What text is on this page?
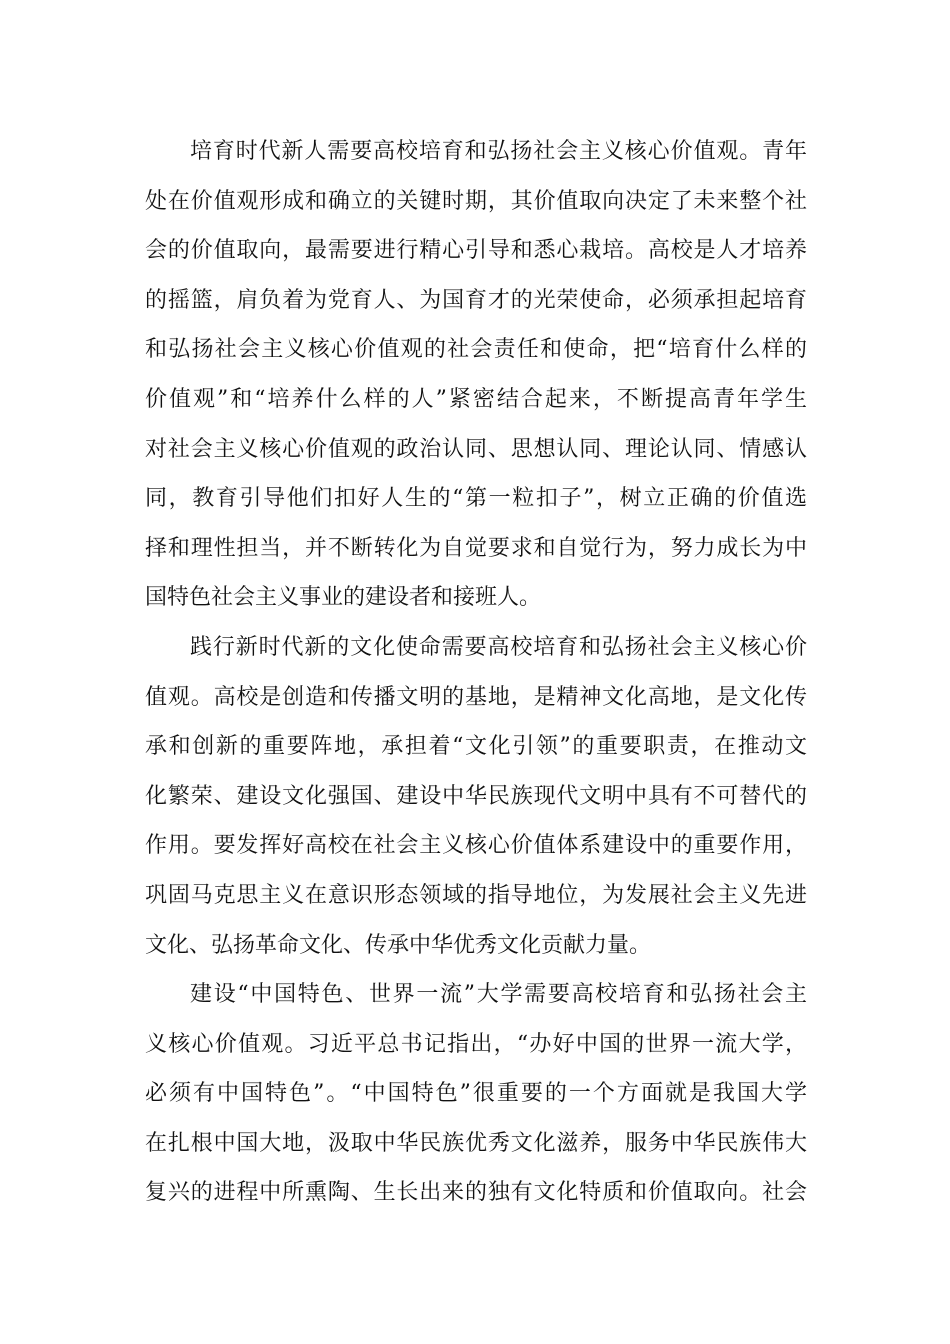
培育时代新人需要高校培育和弘扬社会主义核心价值观。青年
处在价值观形成和确立的关键时期，其价值取向决定了未来整个社
会的价值取向，最需要进行精心引导和悉心栽培。高校是人才培养
的摇篮，肩负着为党育人、为国育才的光荣使命，必须承担起培育
和弘扬社会主义核心价值观的社会责任和使命，把“培育什么样的
价值观”和“培养什么样的人”紧密结合起来，不断提高青年学生
对社会主义核心价值观的政治认同、思想认同、理论认同、情感认
同，教育引导他们扣好人生的“第一粒扣子”，树立正确的价值选
择和理性担当，并不断转化为自觉要求和自觉行为，努力成长为中
国特色社会主义事业的建设者和接班人。
践行新时代新的文化使命需要高校培育和弘扬社会主义核心价
值观。高校是创造和传播文明的基地，是精神文化高地，是文化传
承和创新的重要阵地，承担着“文化引领”的重要职责，在推动文
化繁荣、建设文化强国、建设中华民族现代文明中具有不可替代的
作用。要发挥好高校在社会主义核心价值体系建设中的重要作用，
巩固马克思主义在意识形态领域的指导地位，为发展社会主义先进
文化、弘扬革命文化、传承中华优秀文化贡献力量。
建设“中国特色、世界一流”大学需要高校培育和弘扬社会主
义核心价值观。习近平总书记指出，“办好中国的世界一流大学，
必须有中国特色”。“中国特色”很重要的一个方面就是我国大学
在扎根中国大地，汲取中华民族优秀文化滋养，服务中华民族伟大
复兴的进程中所熏陶、生长出来的独有文化特质和价值取向。社会
